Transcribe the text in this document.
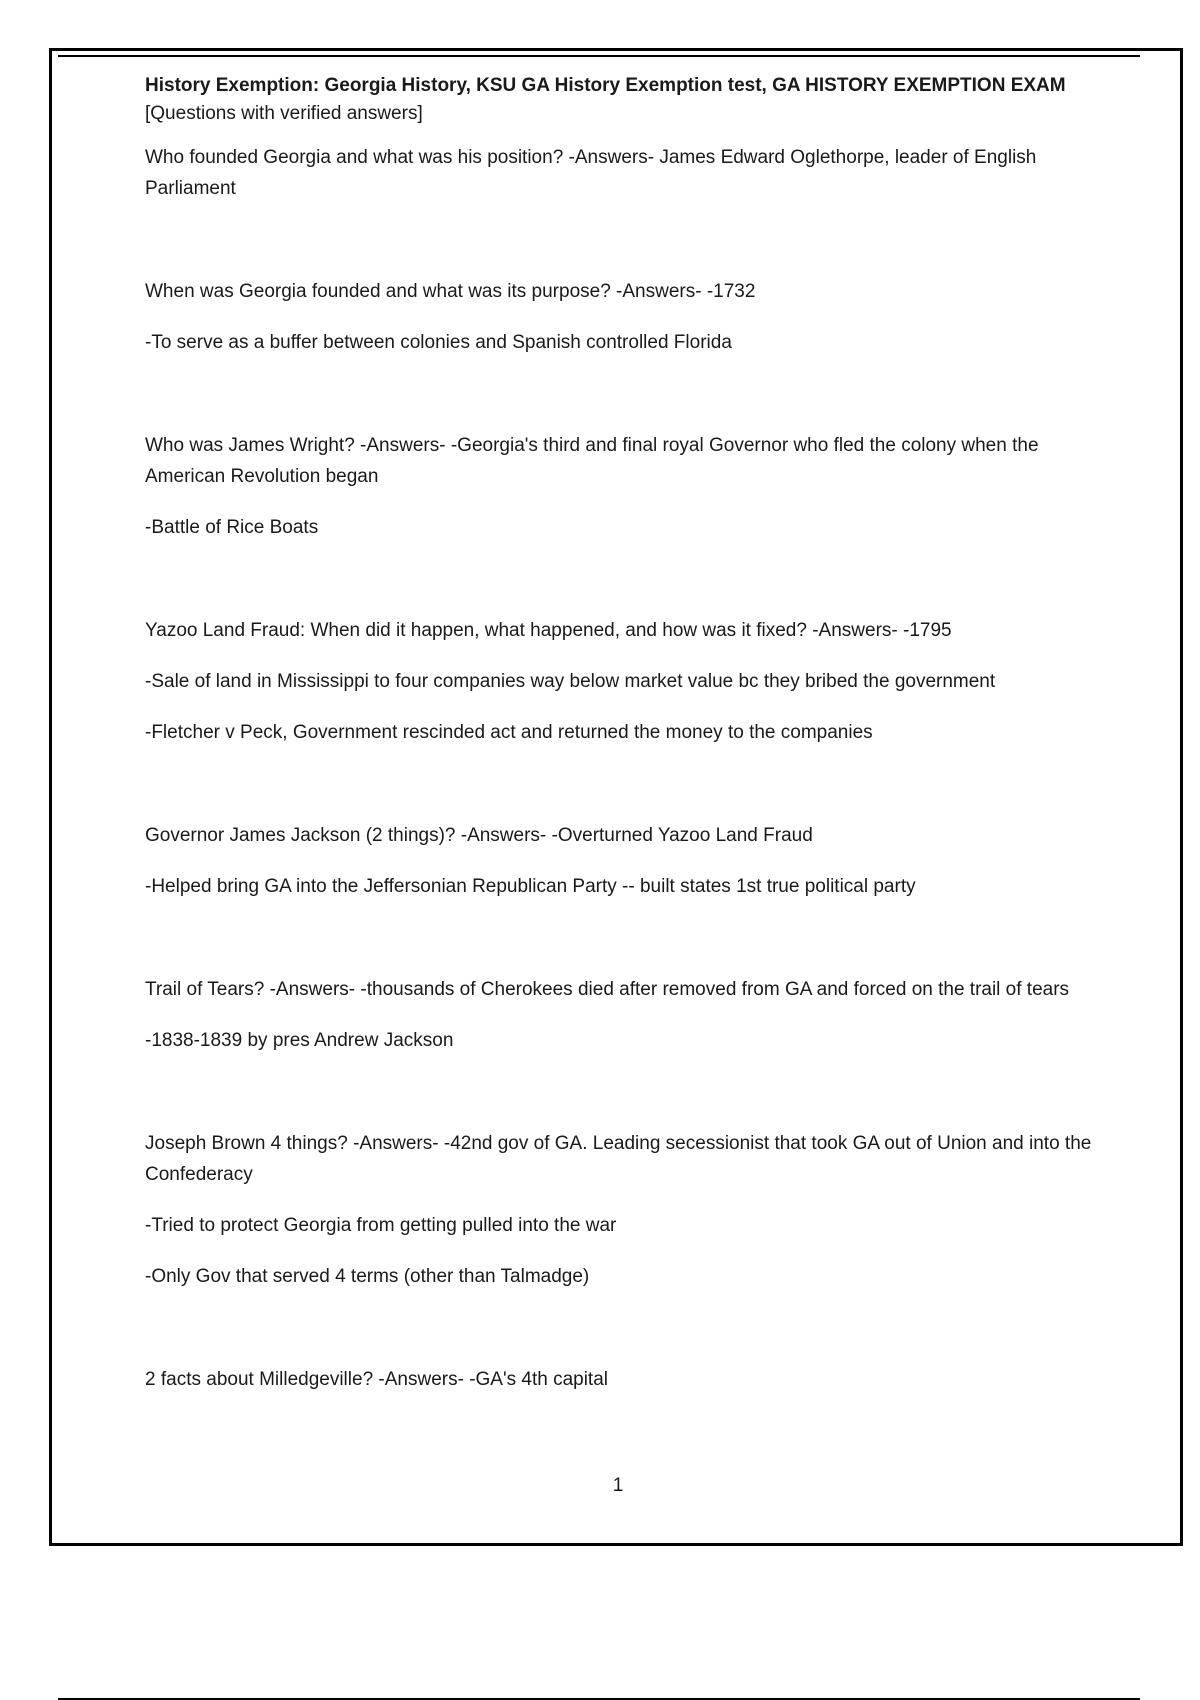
History Exemption: Georgia History, KSU GA History Exemption test, GA HISTORY EXEMPTION EXAM

[Questions with verified answers]

Who founded Georgia and what was his position? -Answers- James Edward Oglethorpe, leader of English Parliament

When was Georgia founded and what was its purpose? -Answers- -1732

-To serve as a buffer between colonies and Spanish controlled Florida

Who was James Wright? -Answers- -Georgia's third and final royal Governor who fled the colony when the American Revolution began

-Battle of Rice Boats

Yazoo Land Fraud: When did it happen, what happened, and how was it fixed? -Answers- -1795

-Sale of land in Mississippi to four companies way below market value bc they bribed the government

-Fletcher v Peck, Government rescinded act and returned the money to the companies

Governor James Jackson (2 things)? -Answers- -Overturned Yazoo Land Fraud

-Helped bring GA into the Jeffersonian Republican Party -- built states 1st true political party

Trail of Tears? -Answers- -thousands of Cherokees died after removed from GA and forced on the trail of tears

-1838-1839 by pres Andrew Jackson

Joseph Brown 4 things? -Answers- -42nd gov of GA. Leading secessionist that took GA out of Union and into the Confederacy

-Tried to protect Georgia from getting pulled into the war

-Only Gov that served 4 terms (other than Talmadge)

2 facts about Milledgeville? -Answers- -GA's 4th capital

1
